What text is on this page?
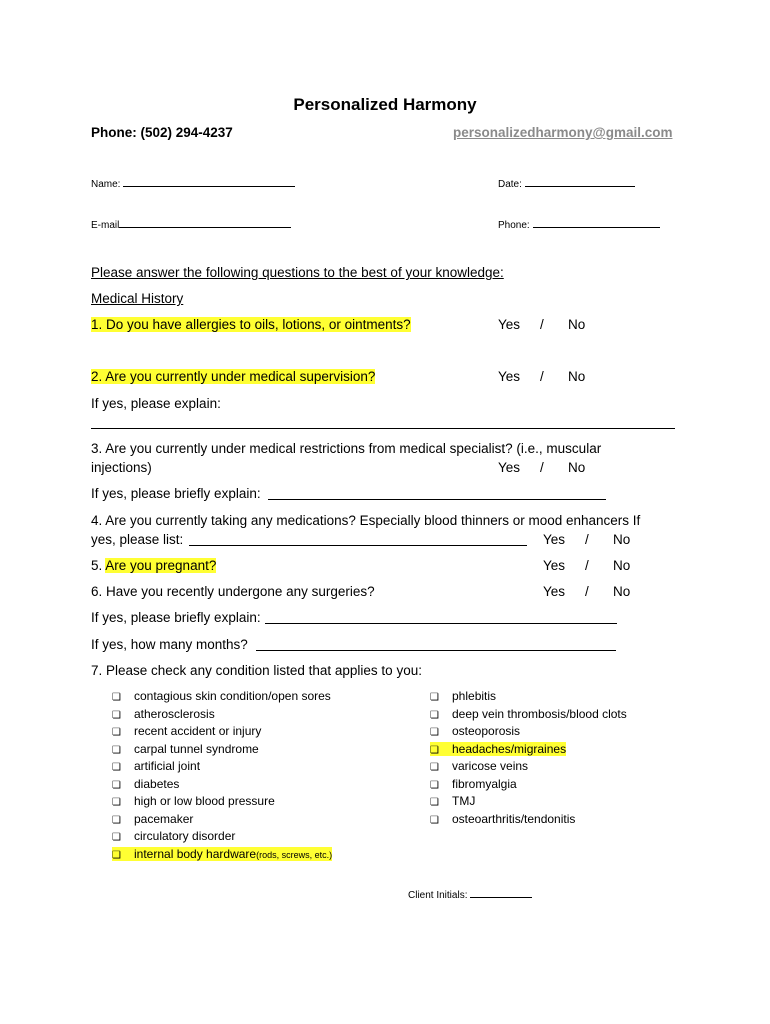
Personalized Harmony
Phone: (502) 294-4237	personalizedharmony@gmail.com
Name:	Date:
E-mail	Phone:
Please answer the following questions to the best of your knowledge:
Medical History
1. Do you have allergies to oils, lotions, or ointments?	Yes / No
2. Are you currently under medical supervision?	Yes / No
If yes, please explain:
3. Are you currently under medical restrictions from medical specialist? (i.e., muscular
injections)	Yes / No
If yes, please briefly explain:
4. Are you currently taking any medications? Especially blood thinners or mood enhancers If
yes, please list:	Yes / No
5. Are you pregnant?	Yes / No
6. Have you recently undergone any surgeries?	Yes / No
If yes, please briefly explain:
If yes, how many months?
7. Please check any condition listed that applies to you:
❏ contagious skin condition/open sores
❏ atherosclerosis
❏ recent accident or injury
❏ carpal tunnel syndrome
❏ artificial joint
❏ diabetes
❏ high or low blood pressure
❏ pacemaker
❏ circulatory disorder
❏ internal body hardware(rods, screws, etc.)
❏ phlebitis
❏ deep vein thrombosis/blood clots
❏ osteoporosis
❏ headaches/migraines
❏ varicose veins
❏ fibromyalgia
❏ TMJ
❏ osteoarthritis/tendonitis
Client Initials:
